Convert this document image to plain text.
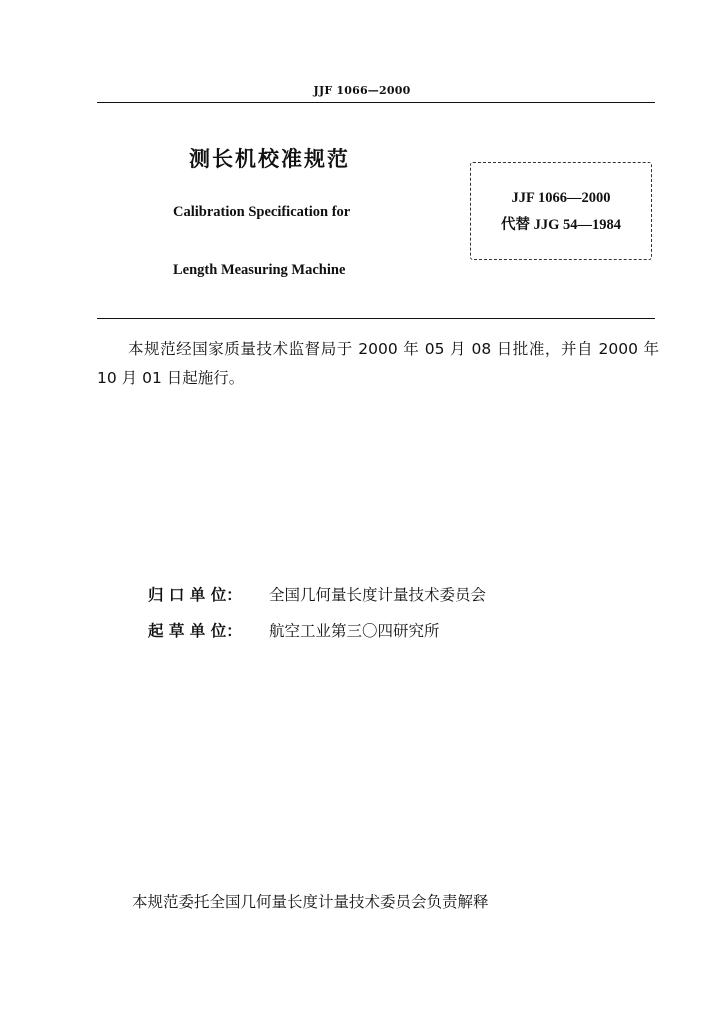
JJF 1066—2000
测长机校准规范
Calibration Specification for
Length Measuring Machine
JJF 1066—2000
代替 JJG 54—1984
本规范经国家质量技术监督局于 2000 年 05 月 08 日批准，并自 2000 年 10 月 01 日起施行。
归 口 单 位： 全国几何量长度计量技术委员会
起 草 单 位： 航空工业第三〇四研究所
本规范委托全国几何量长度计量技术委员会负责解释
